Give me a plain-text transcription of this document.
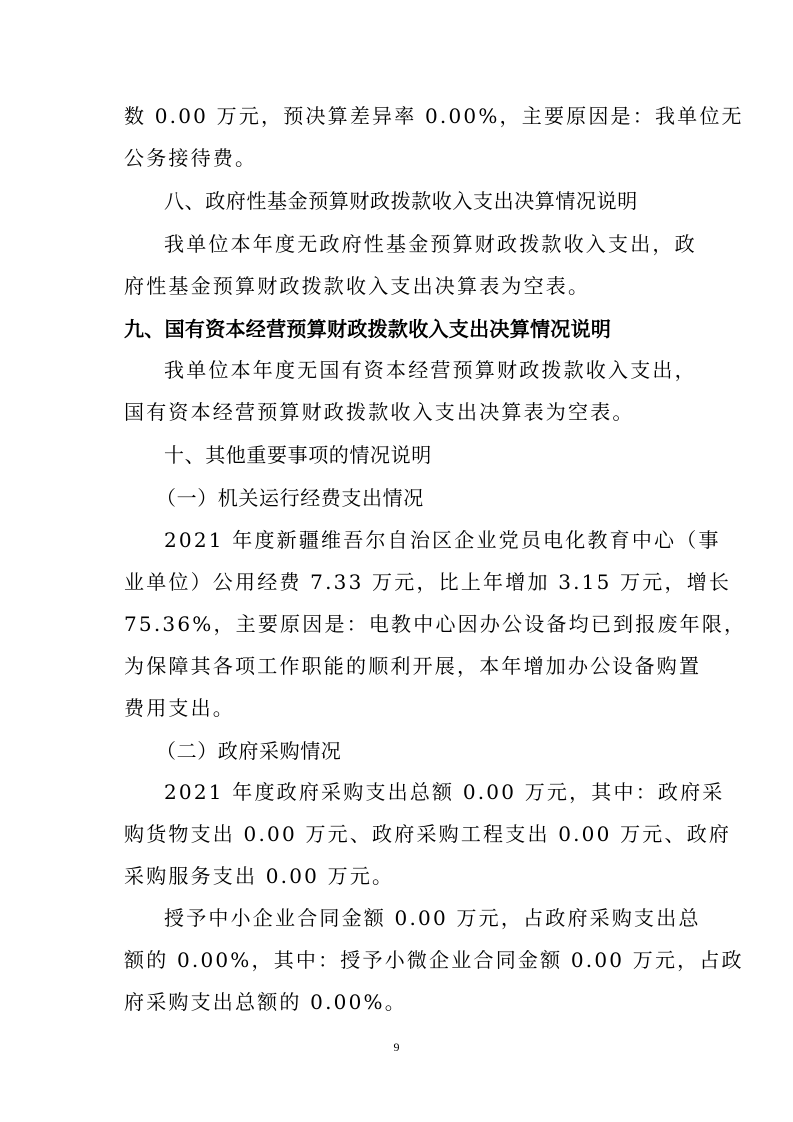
数 0.00 万元，预决算差异率 0.00%，主要原因是：我单位无
公务接待费。
八、政府性基金预算财政拨款收入支出决算情况说明
我单位本年度无政府性基金预算财政拨款收入支出，政
府性基金预算财政拨款收入支出决算表为空表。
九、国有资本经营预算财政拨款收入支出决算情况说明
我单位本年度无国有资本经营预算财政拨款收入支出，
国有资本经营预算财政拨款收入支出决算表为空表。
十、其他重要事项的情况说明
（一）机关运行经费支出情况
2021 年度新疆维吾尔自治区企业党员电化教育中心（事
业单位）公用经费 7.33 万元，比上年增加 3.15 万元，增长
75.36%，主要原因是：电教中心因办公设备均已到报废年限，
为保障其各项工作职能的顺利开展，本年增加办公设备购置
费用支出。
（二）政府采购情况
2021 年度政府采购支出总额 0.00 万元，其中：政府采
购货物支出 0.00 万元、政府采购工程支出 0.00 万元、政府
采购服务支出 0.00 万元。
授予中小企业合同金额 0.00 万元，占政府采购支出总
额的 0.00%，其中：授予小微企业合同金额 0.00 万元，占政
府采购支出总额的 0.00%。
9
